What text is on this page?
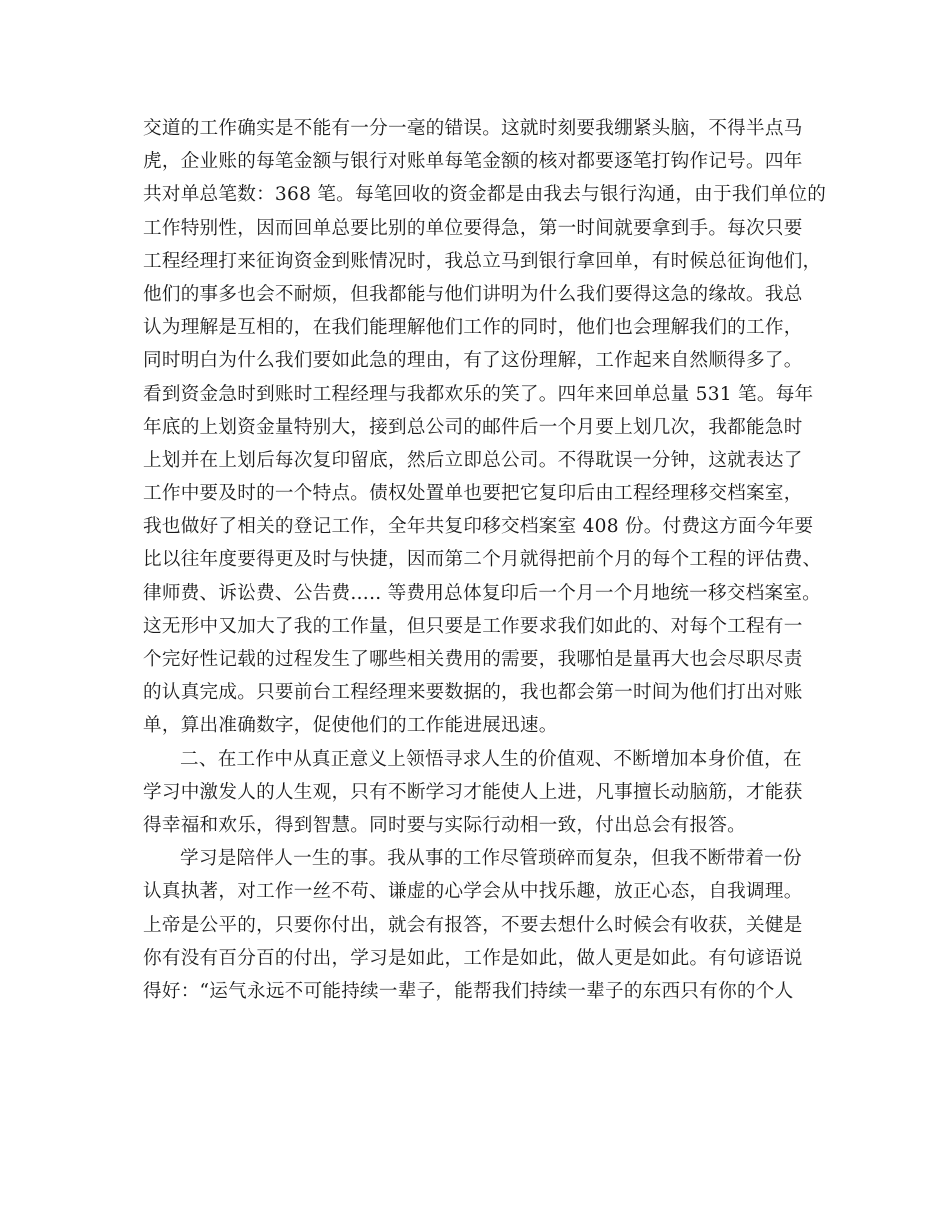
交道的工作确实是不能有一分一毫的错误。这就时刻要我绷紧头脑，不得半点马
虎，企业账的每笔金额与银行对账单每笔金额的核对都要逐笔打钩作记号。四年
共对单总笔数：368 笔。每笔回收的资金都是由我去与银行沟通，由于我们单位的
工作特别性，因而回单总要比别的单位要得急，第一时间就要拿到手。每次只要
工程经理打来征询资金到账情况时，我总立马到银行拿回单，有时候总征询他们，
他们的事多也会不耐烦，但我都能与他们讲明为什么我们要得这急的缘故。我总
认为理解是互相的，在我们能理解他们工作的同时，他们也会理解我们的工作，
同时明白为什么我们要如此急的理由，有了这份理解，工作起来自然顺得多了。
看到资金急时到账时工程经理与我都欢乐的笑了。四年来回单总量 531 笔。每年
年底的上划资金量特别大，接到总公司的邮件后一个月要上划几次，我都能急时
上划并在上划后每次复印留底，然后立即总公司。不得耽误一分钟，这就表达了
工作中要及时的一个特点。债权处置单也要把它复印后由工程经理移交档案室，
我也做好了相关的登记工作，全年共复印移交档案室 408 份。付费这方面今年要
比以往年度要得更及时与快捷，因而第二个月就得把前个月的每个工程的评估费、
律师费、诉讼费、公告费….. 等费用总体复印后一个月一个月地统一移交档案室。
这无形中又加大了我的工作量，但只要是工作要求我们如此的、对每个工程有一
个完好性记载的过程发生了哪些相关费用的需要，我哪怕是量再大也会尽职尽责
的认真完成。只要前台工程经理来要数据的，我也都会第一时间为他们打出对账
单，算出准确数字，促使他们的工作能进展迅速。
二、在工作中从真正意义上领悟寻求人生的价值观、不断增加本身价值，在
学习中激发人的人生观，只有不断学习才能使人上进，凡事擅长动脑筋，才能获
得幸福和欢乐，得到智慧。同时要与实际行动相一致，付出总会有报答。
学习是陪伴人一生的事。我从事的工作尽管琐碎而复杂，但我不断带着一份
认真执著，对工作一丝不苟、谦虚的心学会从中找乐趣，放正心态，自我调理。
上帝是公平的，只要你付出，就会有报答，不要去想什么时候会有收获，关健是
你有没有百分百的付出，学习是如此，工作是如此，做人更是如此。有句谚语说
得好：“运气永远不可能持续一辈子，能帮我们持续一辈子的东西只有你的个人
